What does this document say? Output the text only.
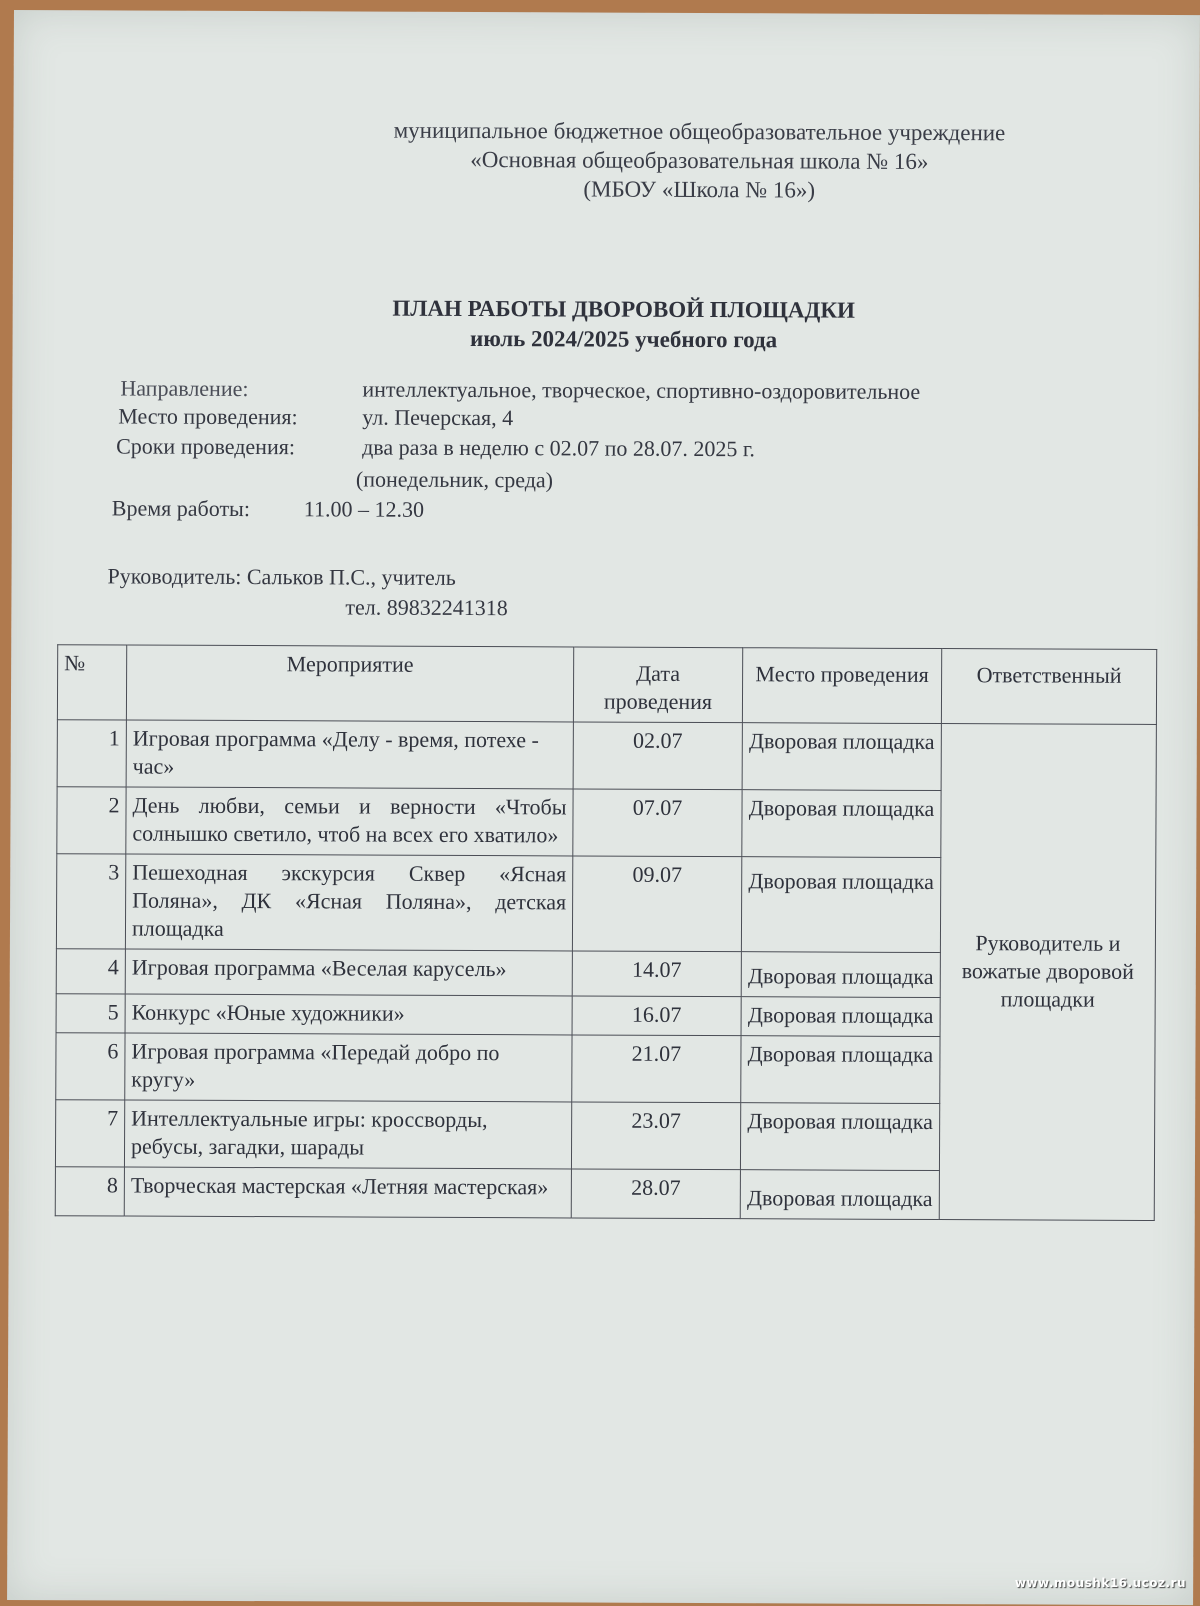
муниципальное бюджетное общеобразовательное учреждение
«Основная общеобразовательная школа № 16»
(МБОУ «Школа № 16»)
ПЛАН РАБОТЫ ДВОРОВОЙ ПЛОЩАДКИ
июль 2024/2025 учебного года
Направление:	интеллектуальное, творческое, спортивно-оздоровительное
Место проведения:	ул. Печерская, 4
Сроки проведения:	два раза в неделю с 02.07 по 28.07. 2025 г.
(понедельник, среда)
Время работы: 11.00 – 12.30
Руководитель: Сальков П.С., учитель
тел. 89832241318
№	Мероприятие	Дата проведения	Место проведения	Ответственный
1	Игровая программа «Делу - время, потехе - час»	02.07	Дворовая площадка	Руководитель и вожатые дворовой площадки
2	День любви, семьи и верности «Чтобы солнышко светило, чтоб на всех его хватило»	07.07	Дворовая площадка	
3	Пешеходная экскурсия Сквер «Ясная Поляна», ДК «Ясная Поляна», детская площадка	09.07	Дворовая площадка	
4	Игровая программа «Веселая карусель»	14.07	Дворовая площадка	
5	Конкурс «Юные художники»	16.07	Дворовая площадка	
6	Игровая программа «Передай добро по кругу»	21.07	Дворовая площадка	
7	Интеллектуальные игры: кроссворды, ребусы, загадки, шарады	23.07	Дворовая площадка	
8	Творческая мастерская «Летняя мастерская»	28.07	Дворовая площадка	
www.moushk16.ucoz.ru
